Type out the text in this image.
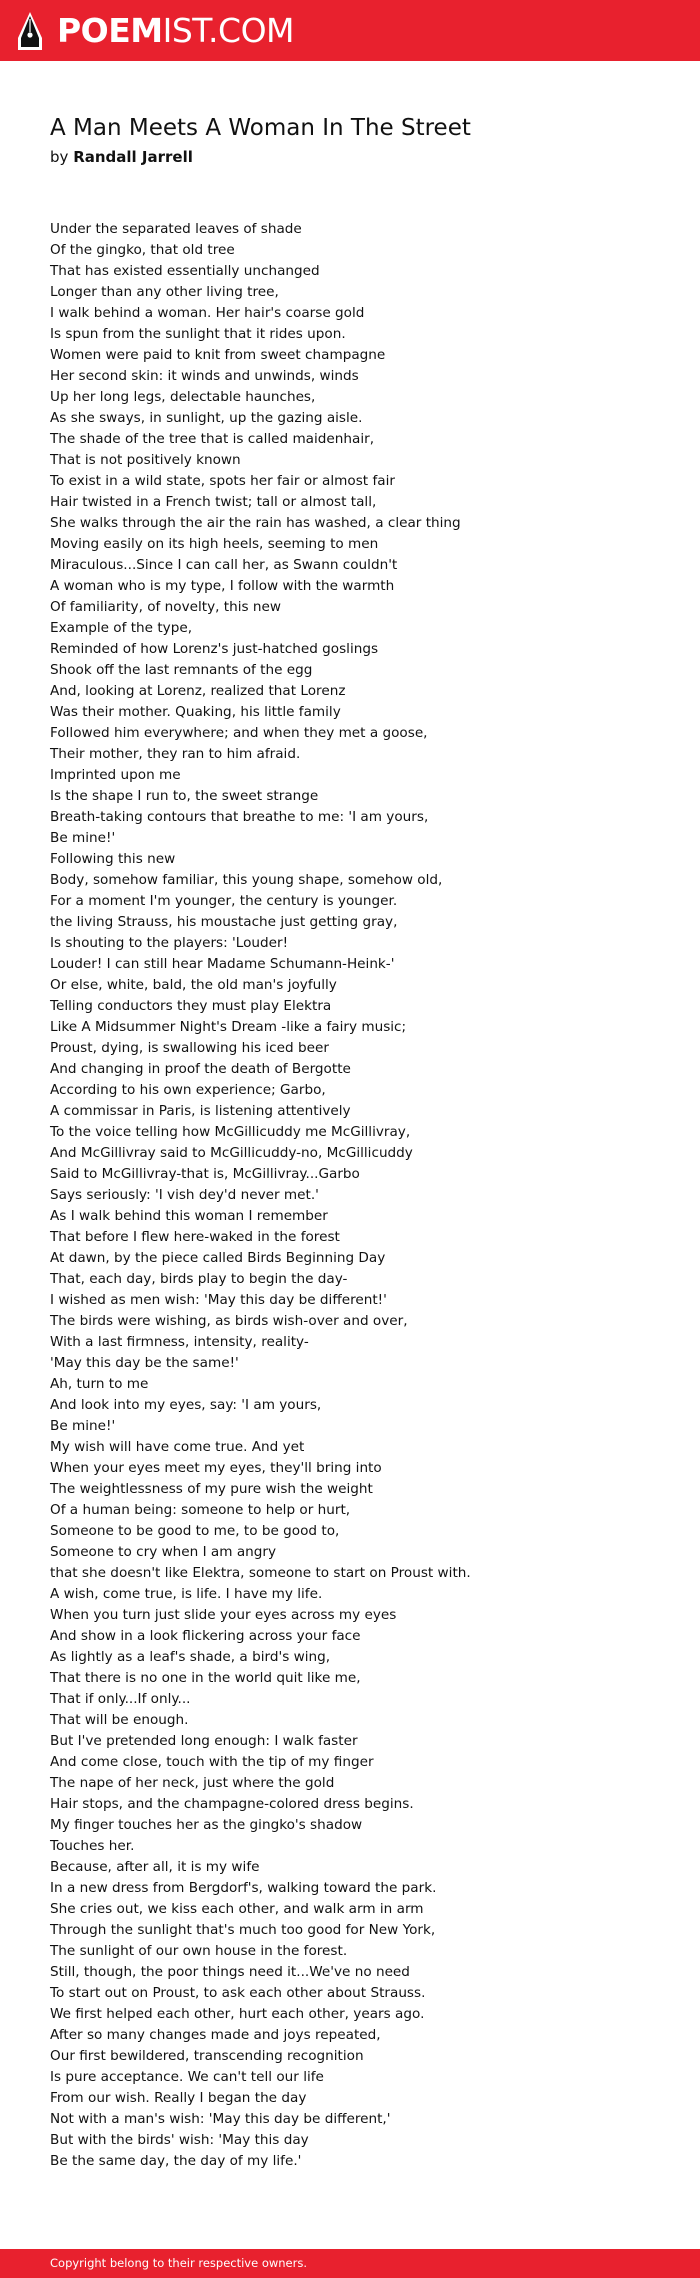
POEMIST.COM
A Man Meets A Woman In The Street
by Randall Jarrell
Under the separated leaves of shade
Of the gingko, that old tree
That has existed essentially unchanged
Longer than any other living tree,
I walk behind a woman. Her hair's coarse gold
Is spun from the sunlight that it rides upon.
Women were paid to knit from sweet champagne
Her second skin: it winds and unwinds, winds
Up her long legs, delectable haunches,
As she sways, in sunlight, up the gazing aisle.
The shade of the tree that is called maidenhair,
That is not positively known
To exist in a wild state, spots her fair or almost fair
Hair twisted in a French twist; tall or almost tall,
She walks through the air the rain has washed, a clear thing
Moving easily on its high heels, seeming to men
Miraculous...Since I can call her, as Swann couldn't
A woman who is my type, I follow with the warmth
Of familiarity, of novelty, this new
Example of the type,
Reminded of how Lorenz's just-hatched goslings
Shook off the last remnants of the egg
And, looking at Lorenz, realized that Lorenz
Was their mother. Quaking, his little family
Followed him everywhere; and when they met a goose,
Their mother, they ran to him afraid.
Imprinted upon me
Is the shape I run to, the sweet strange
Breath-taking contours that breathe to me: 'I am yours,
Be mine!'
Following this new
Body, somehow familiar, this young shape, somehow old,
For a moment I'm younger, the century is younger.
the living Strauss, his moustache just getting gray,
Is shouting to the players: 'Louder!
Louder! I can still hear Madame Schumann-Heink-'
Or else, white, bald, the old man's joyfully
Telling conductors they must play Elektra
Like A Midsummer Night's Dream -like a fairy music;
Proust, dying, is swallowing his iced beer
And changing in proof the death of Bergotte
According to his own experience; Garbo,
A commissar in Paris, is listening attentively
To the voice telling how McGillicuddy me McGillivray,
And McGillivray said to McGillicuddy-no, McGillicuddy
Said to McGillivray-that is, McGillivray...Garbo
Says seriously: 'I vish dey'd never met.'
As I walk behind this woman I remember
That before I flew here-waked in the forest
At dawn, by the piece called Birds Beginning Day
That, each day, birds play to begin the day-
I wished as men wish: 'May this day be different!'
The birds were wishing, as birds wish-over and over,
With a last firmness, intensity, reality-
'May this day be the same!'
Ah, turn to me
And look into my eyes, say: 'I am yours,
Be mine!'
My wish will have come true. And yet
When your eyes meet my eyes, they'll bring into
The weightlessness of my pure wish the weight
Of a human being: someone to help or hurt,
Someone to be good to me, to be good to,
Someone to cry when I am angry
that she doesn't like Elektra, someone to start on Proust with.
A wish, come true, is life. I have my life.
When you turn just slide your eyes across my eyes
And show in a look flickering across your face
As lightly as a leaf's shade, a bird's wing,
That there is no one in the world quit like me,
That if only...If only...
That will be enough.
But I've pretended long enough: I walk faster
And come close, touch with the tip of my finger
The nape of her neck, just where the gold
Hair stops, and the champagne-colored dress begins.
My finger touches her as the gingko's shadow
Touches her.
Because, after all, it is my wife
In a new dress from Bergdorf's, walking toward the park.
She cries out, we kiss each other, and walk arm in arm
Through the sunlight that's much too good for New York,
The sunlight of our own house in the forest.
Still, though, the poor things need it...We've no need
To start out on Proust, to ask each other about Strauss.
We first helped each other, hurt each other, years ago.
After so many changes made and joys repeated,
Our first bewildered, transcending recognition
Is pure acceptance. We can't tell our life
From our wish. Really I began the day
Not with a man's wish: 'May this day be different,'
But with the birds' wish: 'May this day
Be the same day, the day of my life.'
Copyright belong to their respective owners.
